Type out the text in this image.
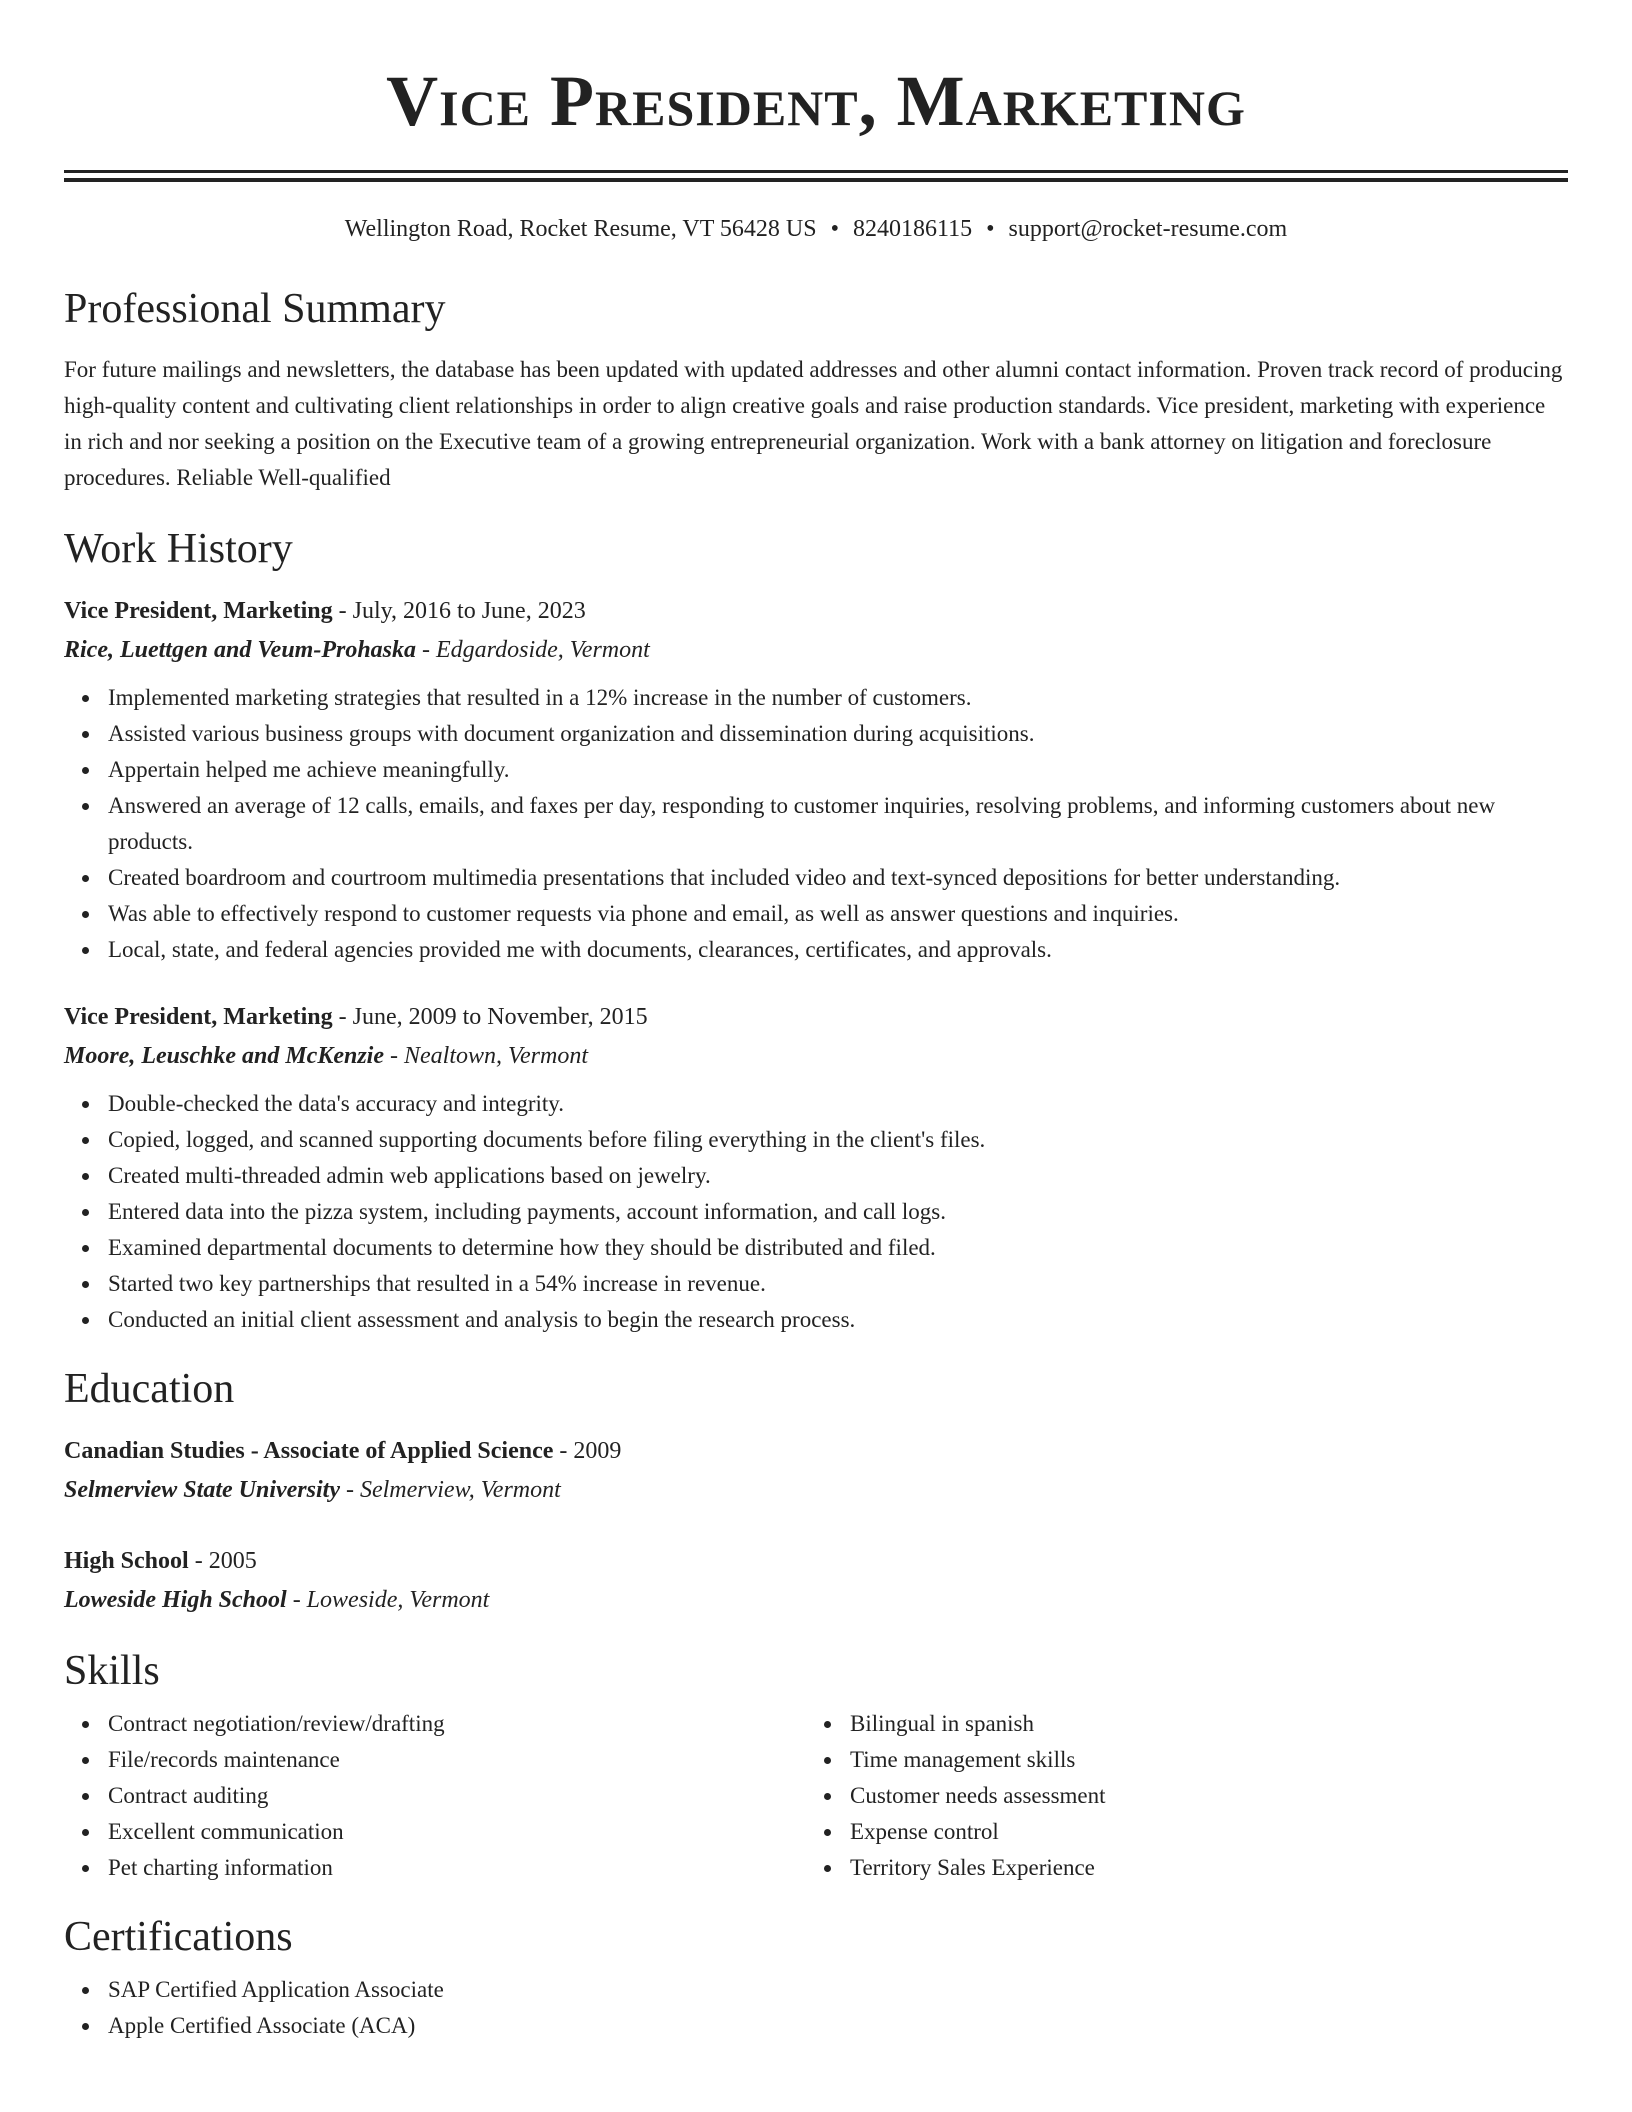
Vice President, Marketing
Wellington Road, Rocket Resume, VT 56428 US • 8240186115 • support@rocket-resume.com
Professional Summary

For future mailings and newsletters, the database has been updated with updated addresses and other alumni contact information. Proven track record of producing high-quality content and cultivating client relationships in order to align creative goals and raise production standards. Vice president, marketing with experience in rich and nor seeking a position on the Executive team of a growing entrepreneurial organization. Work with a bank attorney on litigation and foreclosure procedures. Reliable Well-qualified

Work History
Vice President, Marketing - July, 2016 to June, 2023
Rice, Luettgen and Veum-Prohaska - Edgardoside, Vermont
Implemented marketing strategies that resulted in a 12% increase in the number of customers.
Assisted various business groups with document organization and dissemination during acquisitions.
Appertain helped me achieve meaningfully.
Answered an average of 12 calls, emails, and faxes per day, responding to customer inquiries, resolving problems, and informing customers about new products.
Created boardroom and courtroom multimedia presentations that included video and text-synced depositions for better understanding.
Was able to effectively respond to customer requests via phone and email, as well as answer questions and inquiries.
Local, state, and federal agencies provided me with documents, clearances, certificates, and approvals.
Vice President, Marketing - June, 2009 to November, 2015
Moore, Leuschke and McKenzie - Nealtown, Vermont
Double-checked the data's accuracy and integrity.
Copied, logged, and scanned supporting documents before filing everything in the client's files.
Created multi-threaded admin web applications based on jewelry.
Entered data into the pizza system, including payments, account information, and call logs.
Examined departmental documents to determine how they should be distributed and filed.
Started two key partnerships that resulted in a 54% increase in revenue.
Conducted an initial client assessment and analysis to begin the research process.
Education
Canadian Studies - Associate of Applied Science - 2009
Selmerview State University - Selmerview, Vermont
High School - 2005
Loweside High School - Loweside, Vermont
Skills
Contract negotiation/review/drafting
File/records maintenance
Contract auditing
Excellent communication
Pet charting information
Bilingual in spanish
Time management skills
Customer needs assessment
Expense control
Territory Sales Experience
Certifications
SAP Certified Application Associate
Apple Certified Associate (ACA)
